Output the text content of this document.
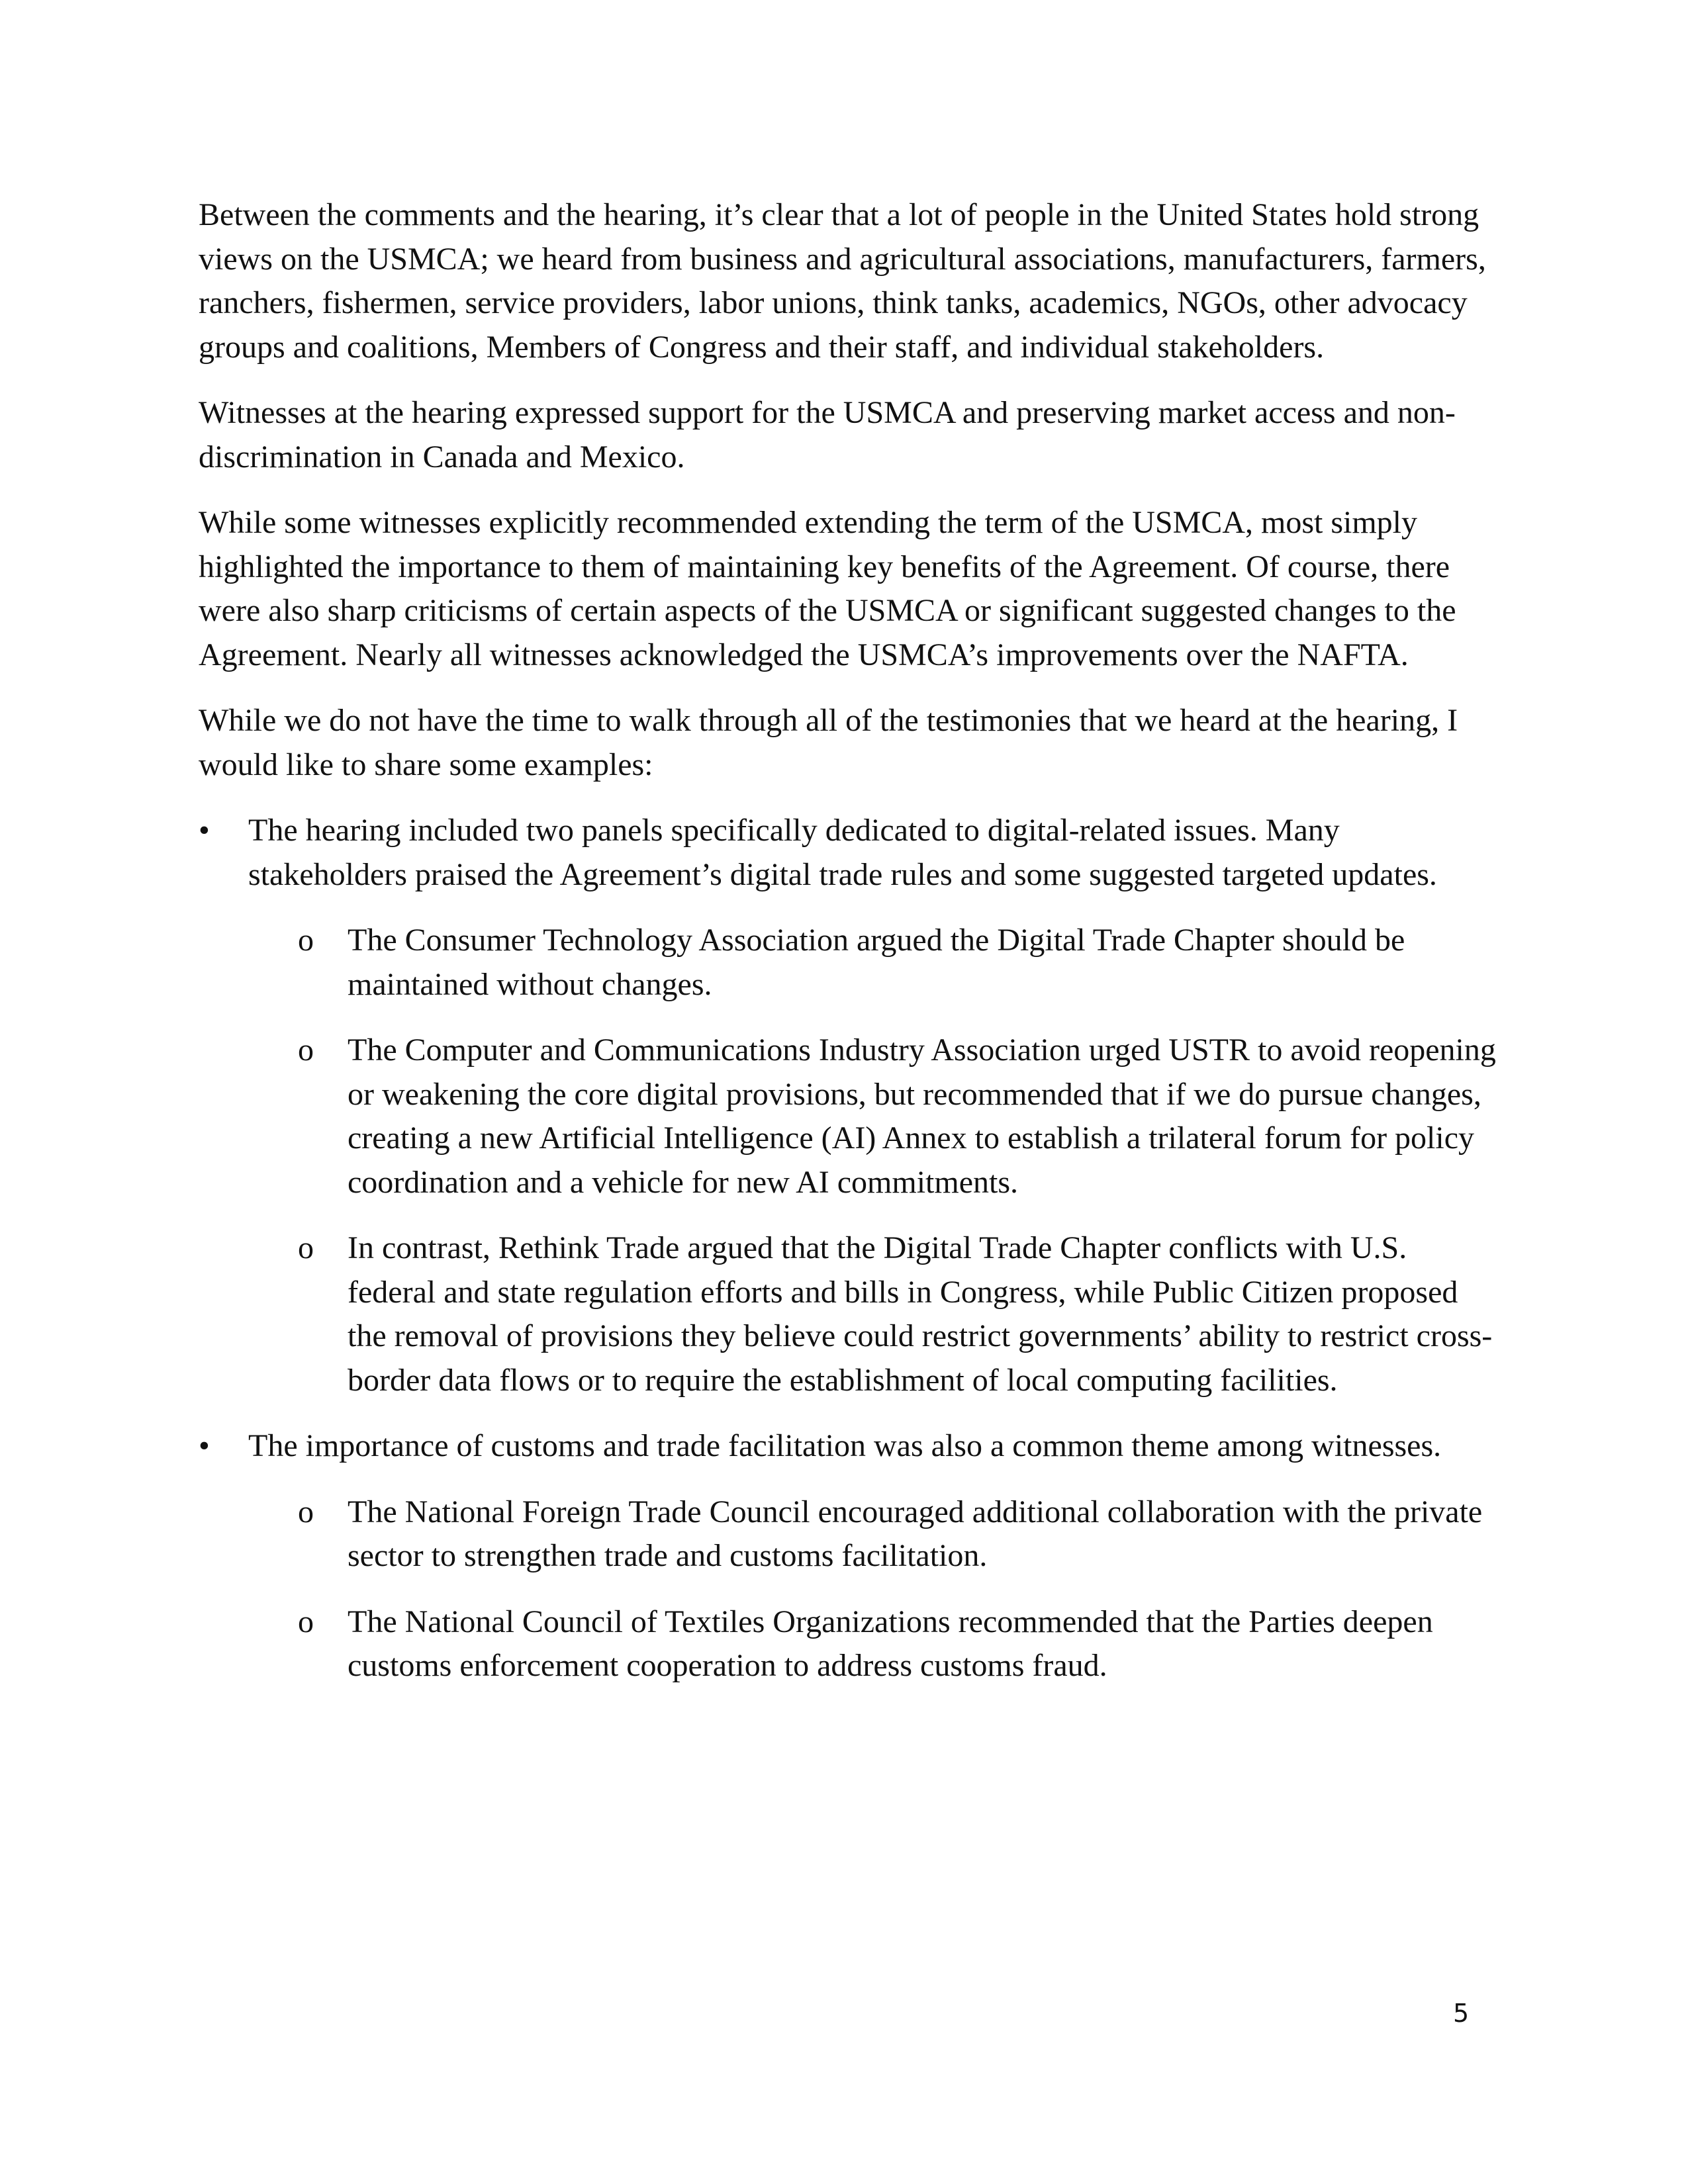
Between the comments and the hearing, it’s clear that a lot of people in the United States hold strong views on the USMCA; we heard from business and agricultural associations, manufacturers, farmers, ranchers, fishermen, service providers, labor unions, think tanks, academics, NGOs, other advocacy groups and coalitions, Members of Congress and their staff, and individual stakeholders.

Witnesses at the hearing expressed support for the USMCA and preserving market access and non-discrimination in Canada and Mexico.

While some witnesses explicitly recommended extending the term of the USMCA, most simply highlighted the importance to them of maintaining key benefits of the Agreement. Of course, there were also sharp criticisms of certain aspects of the USMCA or significant suggested changes to the Agreement. Nearly all witnesses acknowledged the USMCA’s improvements over the NAFTA.

While we do not have the time to walk through all of the testimonies that we heard at the hearing, I would like to share some examples:

• The hearing included two panels specifically dedicated to digital-related issues. Many stakeholders praised the Agreement’s digital trade rules and some suggested targeted updates.
o	The Consumer Technology Association argued the Digital Trade Chapter should be maintained without changes.
o	The Computer and Communications Industry Association urged USTR to avoid reopening or weakening the core digital provisions, but recommended that if we do pursue changes, creating a new Artificial Intelligence (AI) Annex to establish a trilateral forum for policy coordination and a vehicle for new AI commitments.
o	In contrast, Rethink Trade argued that the Digital Trade Chapter conflicts with U.S. federal and state regulation efforts and bills in Congress, while Public Citizen proposed the removal of provisions they believe could restrict governments’ ability to restrict cross-border data flows or to require the establishment of local computing facilities.
• The importance of customs and trade facilitation was also a common theme among witnesses.
o	The National Foreign Trade Council encouraged additional collaboration with the private sector to strengthen trade and customs facilitation.
o	The National Council of Textiles Organizations recommended that the Parties deepen customs enforcement cooperation to address customs fraud.
5
